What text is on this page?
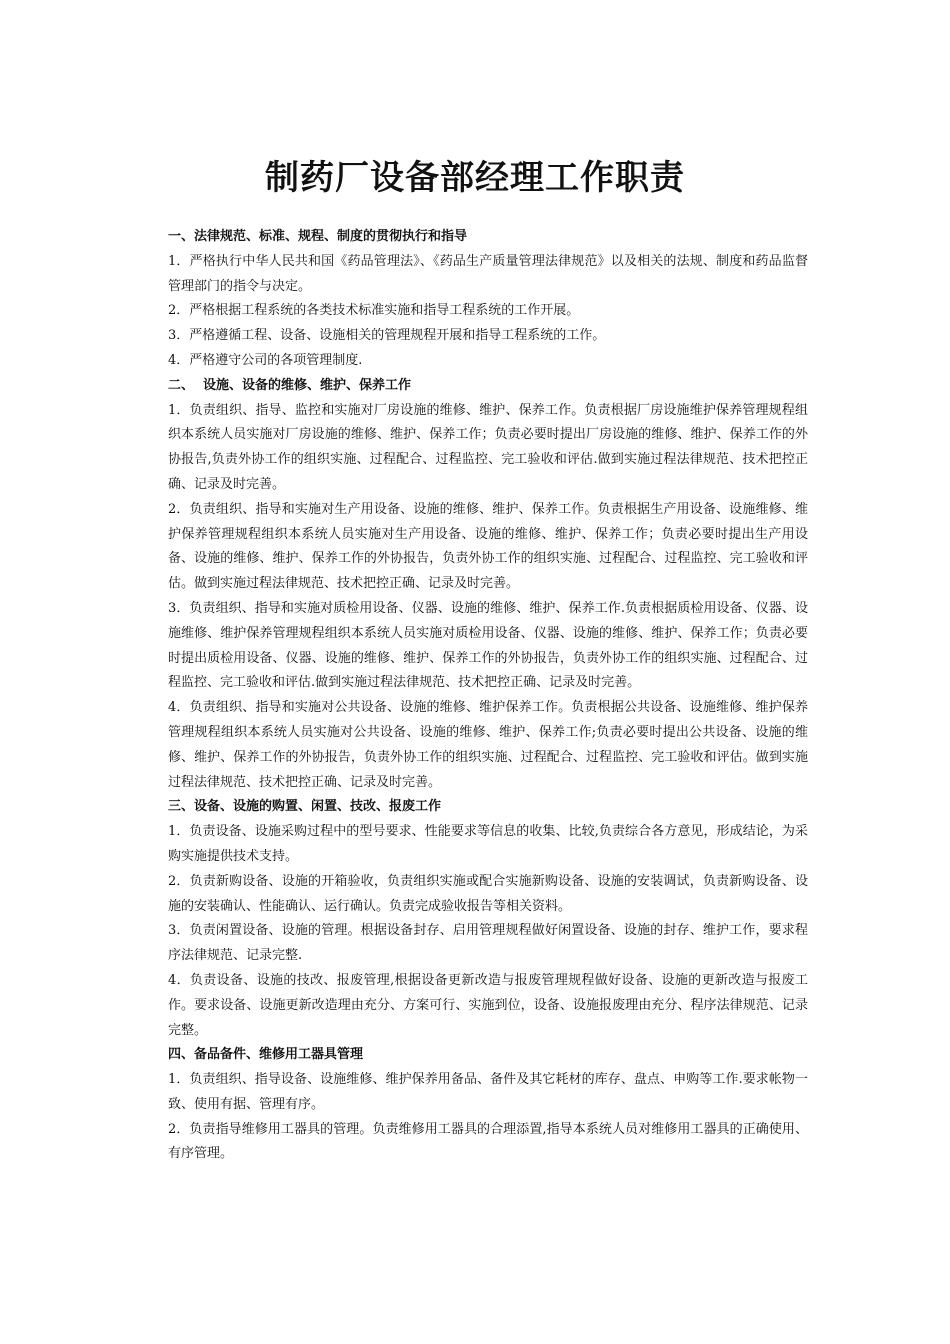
制药厂设备部经理工作职责

一、法律规范、标准、规程、制度的贯彻执行和指导

1．严格执行中华人民共和国《药品管理法》、《药品生产质量管理法律规范》以及相关的法规、制度和药品监督管理部门的指令与决定。

2．严格根据工程系统的各类技术标准实施和指导工程系统的工作开展。

3．严格遵循工程、设备、设施相关的管理规程开展和指导工程系统的工作。

4．严格遵守公司的各项管理制度.

二、  设施、设备的维修、维护、保养工作

1．负责组织、指导、监控和实施对厂房设施的维修、维护、保养工作。负责根据厂房设施维护保养管理规程组织本系统人员实施对厂房设施的维修、维护、保养工作；负责必要时提出厂房设施的维修、维护、保养工作的外协报告,负责外协工作的组织实施、过程配合、过程监控、完工验收和评估.做到实施过程法律规范、技术把控正确、记录及时完善。

2．负责组织、指导和实施对生产用设备、设施的维修、维护、保养工作。负责根据生产用设备、设施维修、维护保养管理规程组织本系统人员实施对生产用设备、设施的维修、维护、保养工作；负责必要时提出生产用设备、设施的维修、维护、保养工作的外协报告，负责外协工作的组织实施、过程配合、过程监控、完工验收和评估。做到实施过程法律规范、技术把控正确、记录及时完善。

3．负责组织、指导和实施对质检用设备、仪器、设施的维修、维护、保养工作.负责根据质检用设备、仪器、设施维修、维护保养管理规程组织本系统人员实施对质检用设备、仪器、设施的维修、维护、保养工作；负责必要时提出质检用设备、仪器、设施的维修、维护、保养工作的外协报告，负责外协工作的组织实施、过程配合、过程监控、完工验收和评估.做到实施过程法律规范、技术把控正确、记录及时完善。

4．负责组织、指导和实施对公共设备、设施的维修、维护保养工作。负责根据公共设备、设施维修、维护保养管理规程组织本系统人员实施对公共设备、设施的维修、维护、保养工作;负责必要时提出公共设备、设施的维修、维护、保养工作的外协报告，负责外协工作的组织实施、过程配合、过程监控、完工验收和评估。做到实施过程法律规范、技术把控正确、记录及时完善。

三、设备、设施的购置、闲置、技改、报废工作

1．负责设备、设施采购过程中的型号要求、性能要求等信息的收集、比较,负责综合各方意见，形成结论，为采购实施提供技术支持。

2．负责新购设备、设施的开箱验收，负责组织实施或配合实施新购设备、设施的安装调试，负责新购设备、设施的安装确认、性能确认、运行确认。负责完成验收报告等相关资料。

3．负责闲置设备、设施的管理。根据设备封存、启用管理规程做好闲置设备、设施的封存、维护工作，要求程序法律规范、记录完整.

4．负责设备、设施的技改、报废管理,根据设备更新改造与报废管理规程做好设备、设施的更新改造与报废工作。要求设备、设施更新改造理由充分、方案可行、实施到位，设备、设施报废理由充分、程序法律规范、记录完整。

四、备品备件、维修用工器具管理

1．负责组织、指导设备、设施维修、维护保养用备品、备件及其它耗材的库存、盘点、申购等工作.要求帐物一致、使用有据、管理有序。

2．负责指导维修用工器具的管理。负责维修用工器具的合理添置,指导本系统人员对维修用工器具的正确使用、有序管理。
